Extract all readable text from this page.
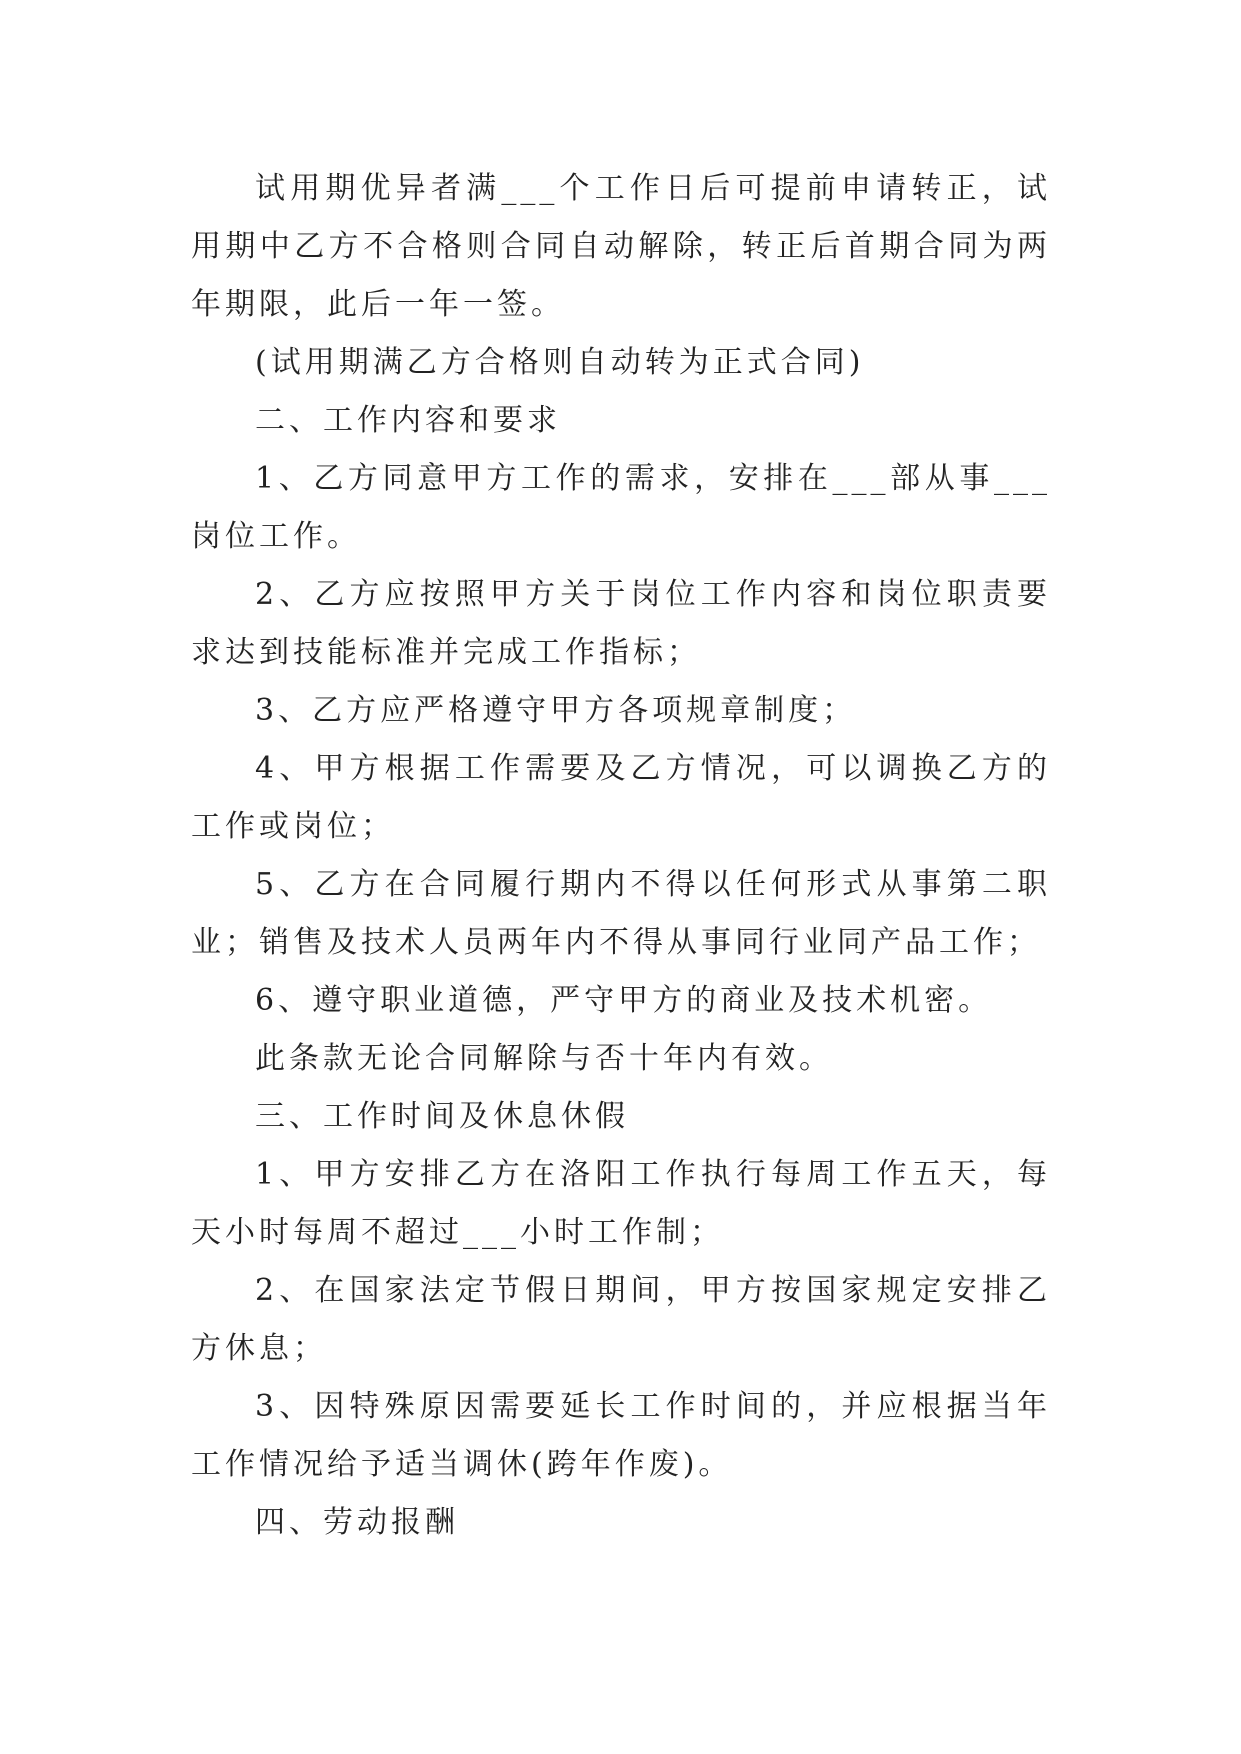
试用期优异者满___个工作日后可提前申请转正，试用期中乙方不合格则合同自动解除，转正后首期合同为两年期限，此后一年一签。

(试用期满乙方合格则自动转为正式合同)

二、工作内容和要求

1、乙方同意甲方工作的需求，安排在___部从事___岗位工作。

2、乙方应按照甲方关于岗位工作内容和岗位职责要求达到技能标准并完成工作指标；

3、乙方应严格遵守甲方各项规章制度；

4、甲方根据工作需要及乙方情况，可以调换乙方的工作或岗位；

5、乙方在合同履行期内不得以任何形式从事第二职业；销售及技术人员两年内不得从事同行业同产品工作；

6、遵守职业道德，严守甲方的商业及技术机密。

此条款无论合同解除与否十年内有效。

三、工作时间及休息休假

1、甲方安排乙方在洛阳工作执行每周工作五天，每天小时每周不超过___小时工作制；

2、在国家法定节假日期间，甲方按国家规定安排乙方休息；

3、因特殊原因需要延长工作时间的，并应根据当年工作情况给予适当调休(跨年作废)。

四、劳动报酬
